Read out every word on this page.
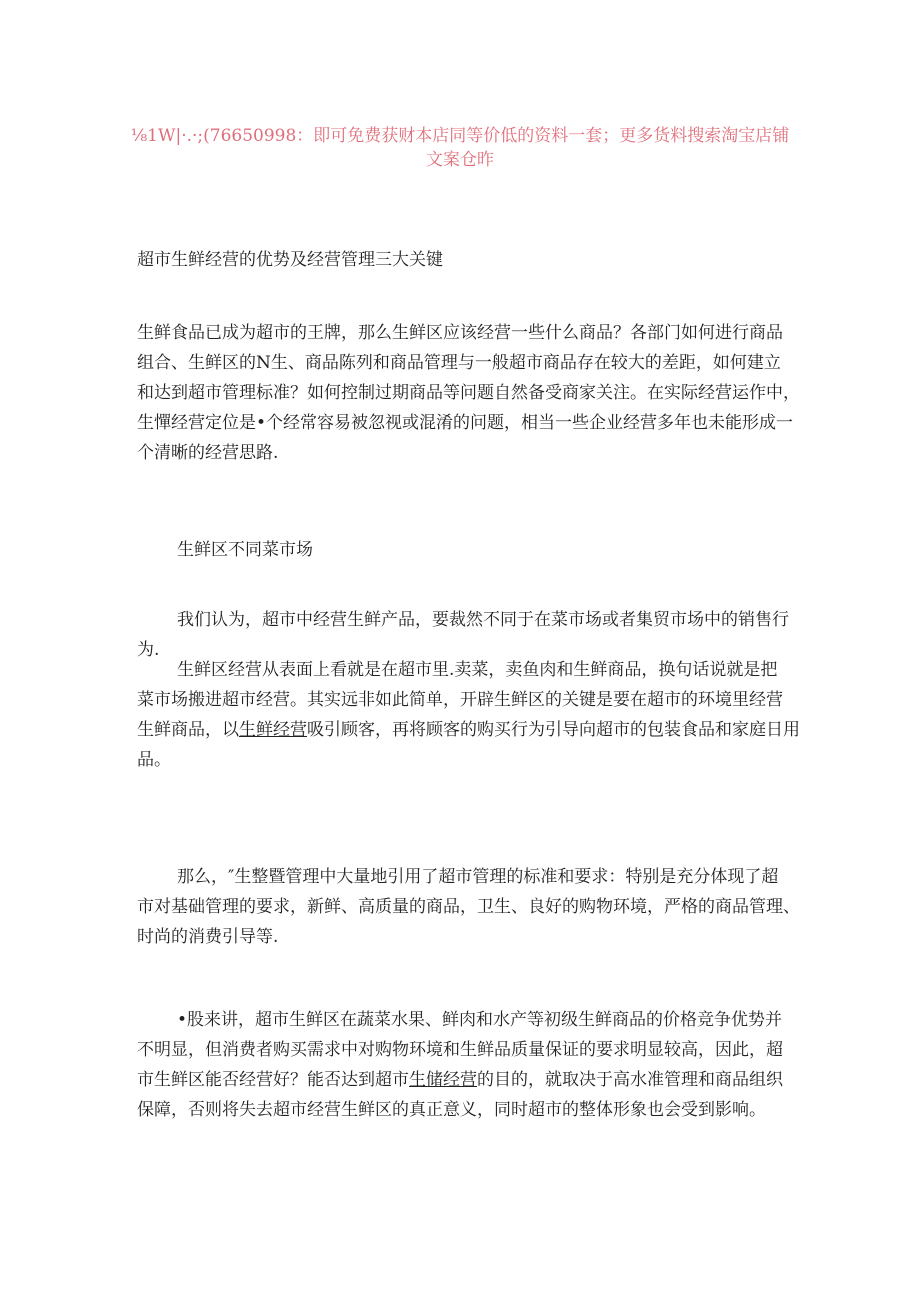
⅛1W|·.·;(76650998：即可免费获财本店同等价低的资料一套；更多货料搜索淘宝店铺
文案仓昨
超市生鲜经营的优势及经营管理三大关键
生鲜食品已成为超市的王牌，那么生鲜区应该经营一些什么商品？各部门如何进行商品
组合、生鲜区的N生、商品陈列和商品管理与一般超市商品存在较大的差距，如何建立
和达到超市管理标准？如何控制过期商品等问题自然备受商家关注。在实际经营运作中，
生憚经营定位是•个经常容易被忽视或混淆的问题，相当一些企业经营多年也未能形成一
个清晰的经营思路.
生鲜区不同菜市场
我们认为，超市中经营生鲜产品，要裁然不同于在菜市场或者集贸市场中的销售行
为.
生鲜区经营从表面上看就是在超市里.卖菜，卖鱼肉和生鲜商品，换句话说就是把
菜市场搬进超市经营。其实远非如此简单，开辟生鲜区的关键是要在超市的环境里经营
生鲜商品，以生鲜经营吸引顾客，再将顾客的购买行为引导向超市的包装食品和家庭日用
品。
那么，″生整暨管理中大量地引用了超市管理的标准和要求：特别是充分体现了超
市对基础管理的要求，新鲜、高质量的商品，卫生、良好的购物环境，严格的商品管理、
时尚的消费引导等.
•股来讲，超市生鲜区在蔬菜水果、鲜肉和水产等初级生鲜商品的价格竞争优势并
不明显，但消费者购买需求中对购物环境和生鲜品质量保证的要求明显较高，因此，超
市生鲜区能否经营好？能否达到超市生储经营的目的，就取决于高水准管理和商品组织
保障，否则将失去超市经营生鲜区的真正意义，同时超市的整体形象也会受到影响。
